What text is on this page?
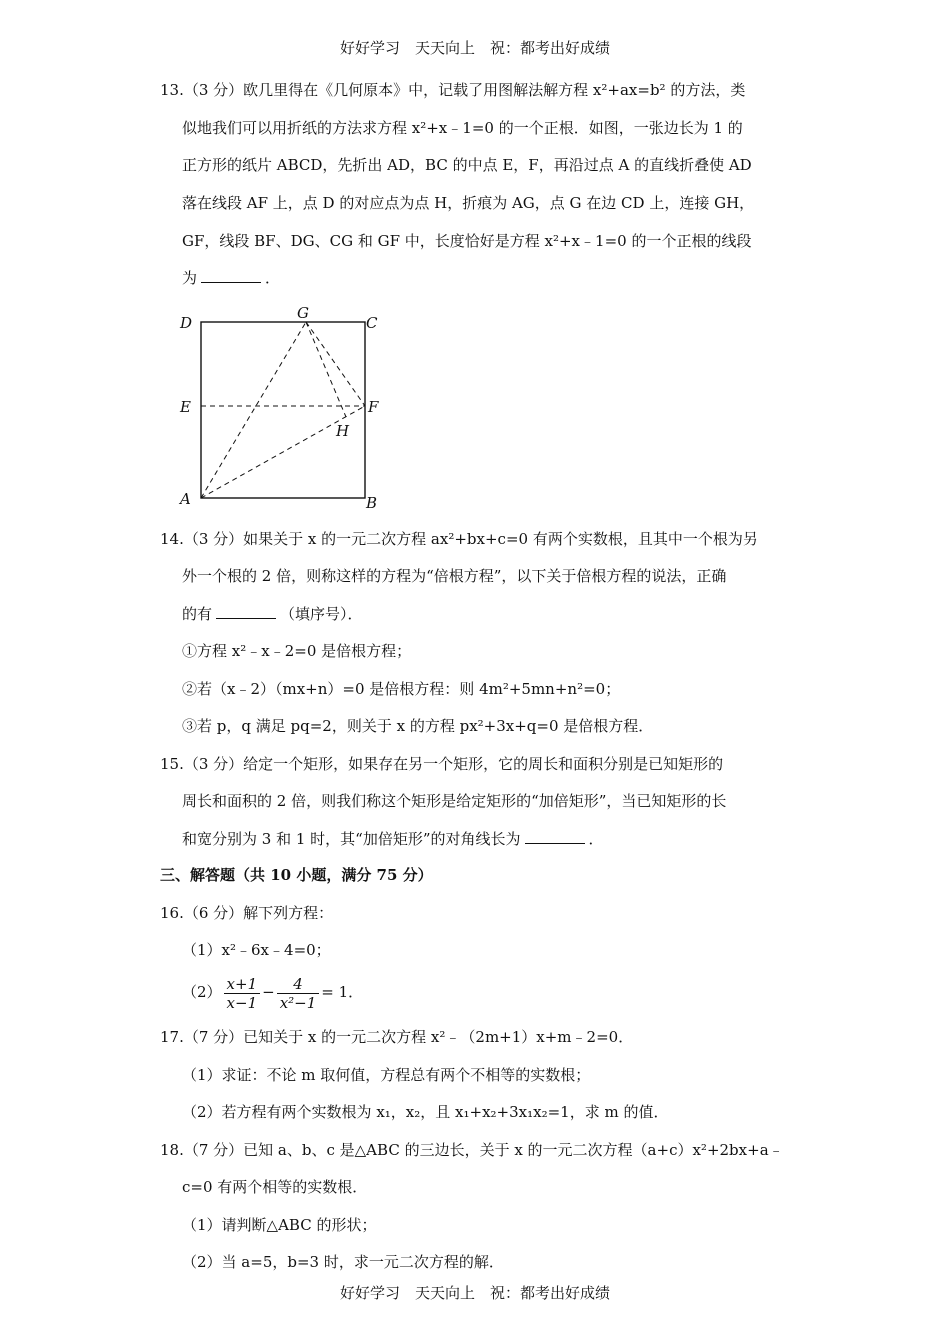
好好学习　天天向上　祝：都考出好成绩
13.（3 分）欧几里得在《几何原本》中，记载了用图解法解方程 x²+ax=b² 的方法，类
似地我们可以用折纸的方法求方程 x²+x﹣1=0 的一个正根．如图，一张边长为 1 的
正方形的纸片 ABCD，先折出 AD，BC 的中点 E，F，再沿过点 A 的直线折叠使 AD
落在线段 AF 上，点 D 的对应点为点 H，折痕为 AG，点 G 在边 CD 上，连接 GH，
GF，线段 BF、DG、CG 和 GF 中，长度恰好是方程 x²+x﹣1=0 的一个正根的线段
为	．
D	C
G
E	F
H
A	B
14.（3 分）如果关于 x 的一元二次方程 ax²+bx+c=0 有两个实数根，且其中一个根为另
外一个根的 2 倍，则称这样的方程为“倍根方程”，以下关于倍根方程的说法，正确
的有	（填序号）．
①方程 x²﹣x﹣2=0 是倍根方程；
②若（x﹣2）（mx+n）=0 是倍根方程：则 4m²+5mn+n²=0；
③若 p，q 满足 pq=2，则关于 x 的方程 px²+3x+q=0 是倍根方程．
15.（3 分）给定一个矩形，如果存在另一个矩形，它的周长和面积分别是已知矩形的
周长和面积的 2 倍，则我们称这个矩形是给定矩形的“加倍矩形”，当已知矩形的长
和宽分别为 3 和 1 时，其“加倍矩形”的对角线长为	．
三、解答题（共 10 小题，满分 75 分）
16.（6 分）解下列方程：
（1）x²﹣6x﹣4=0；
$(2) \frac{x+1}{x-1} - \frac{4}{\text{x²−1}} = 1$．
17.（7 分）已知关于 x 的一元二次方程 x²﹣（2m+1）x+m﹣2=0．
（1）求证：不论 m 取何值，方程总有两个不相等的实数根；
（2）若方程有两个实数根为 x₁，x₂，且 x₁+x₂+3x₁x₂=1，求 m 的值．
18.（7 分）已知 a、b、c 是△ABC 的三边长，关于 x 的一元二次方程（a+c）x²+2bx+a﹣
c=0 有两个相等的实数根．
（1）请判断△ABC 的形状；
（2）当 a=5，b=3 时，求一元二次方程的解．
好好学习　天天向上　祝：都考出好成绩
